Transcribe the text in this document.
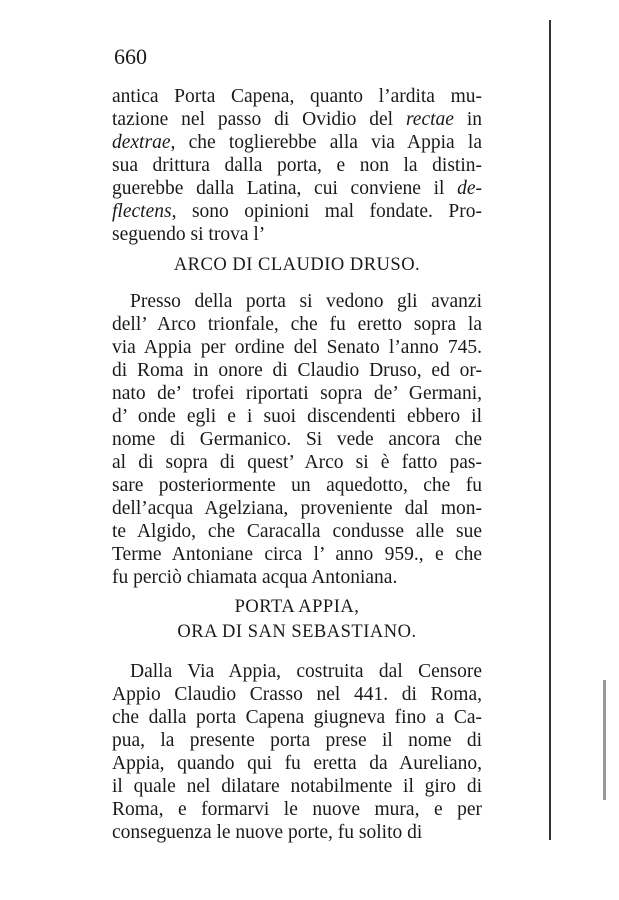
660
antica Porta Capena, quanto l’ardita mu-
tazione nel passo di Ovidio del rectae in
dextrae, che toglierebbe alla via Appia la
sua drittura dalla porta, e non la distin-
guerebbe dalla Latina, cui conviene il de-
flectens, sono opinioni mal fondate. Pro-
seguendo si trova l’
ARCO DI CLAUDIO DRUSO.
Presso della porta si vedono gli avanzi
dell’ Arco trionfale, che fu eretto sopra la
via Appia per ordine del Senato l’anno 745.
di Roma in onore di Claudio Druso, ed or-
nato de’ trofei riportati sopra de’ Germani,
d’ onde egli e i suoi discendenti ebbero il
nome di Germanico. Si vede ancora che
al di sopra di quest’ Arco si è fatto pas-
sare posteriormente un aquedotto, che fu
dell’acqua Agelziana, proveniente dal mon-
te Algido, che Caracalla condusse alle sue
Terme Antoniane circa l’ anno 959., e che
fu perciò chiamata acqua Antoniana.
PORTA APPIA,
ORA DI SAN SEBASTIANO.
Dalla Via Appia, costruita dal Censore
Appio Claudio Crasso nel 441. di Roma,
che dalla porta Capena giugneva fino a Ca-
pua, la presente porta prese il nome di
Appia, quando qui fu eretta da Aureliano,
il quale nel dilatare notabilmente il giro di
Roma, e formarvi le nuove mura, e per
conseguenza le nuove porte, fu solito di
